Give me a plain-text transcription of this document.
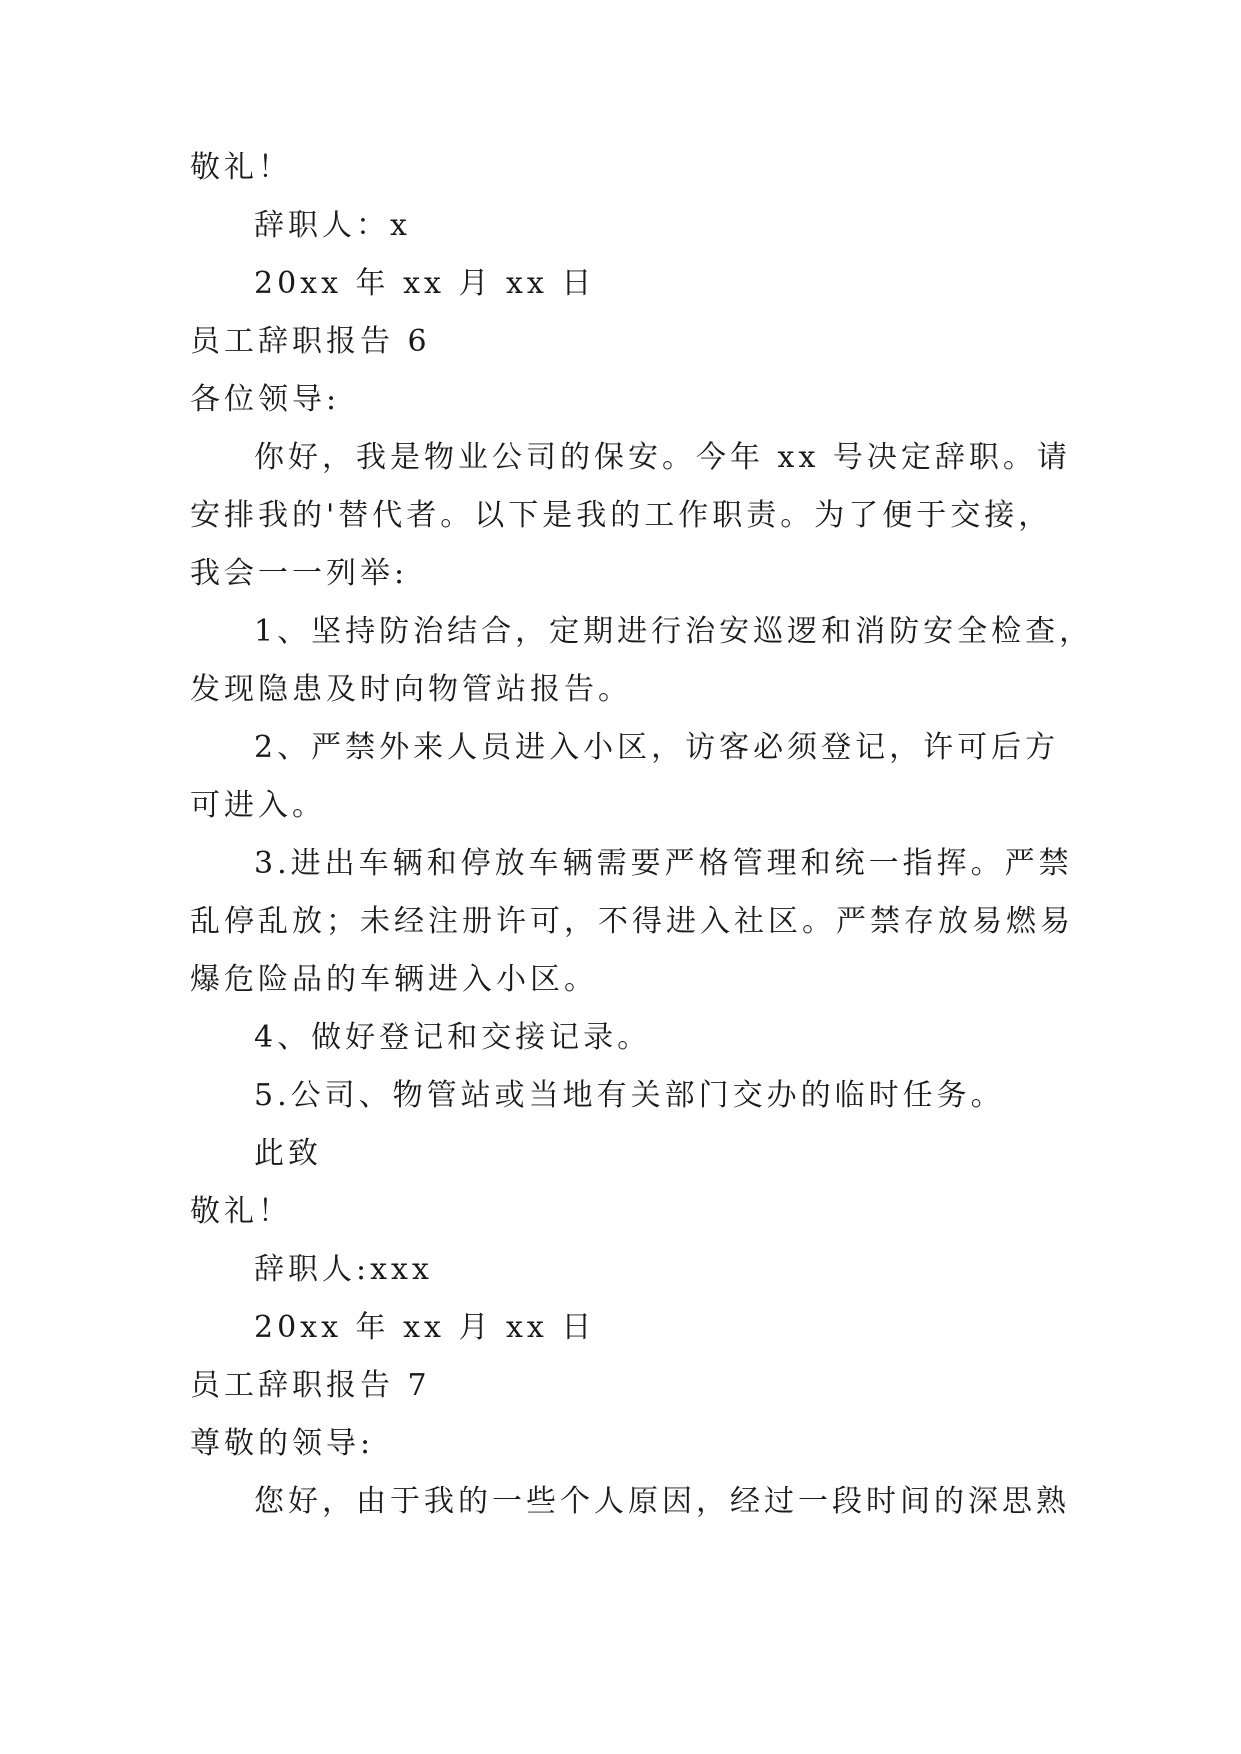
敬礼！
辞职人：x
20xx 年 xx 月 xx 日
员工辞职报告 6
各位领导:
你好，我是物业公司的保安。今年 xx 号决定辞职。请
安排我的'替代者。以下是我的工作职责。为了便于交接，
我会一一列举:
1、坚持防治结合，定期进行治安巡逻和消防安全检查，
发现隐患及时向物管站报告。
2、严禁外来人员进入小区，访客必须登记，许可后方
可进入。
3.进出车辆和停放车辆需要严格管理和统一指挥。严禁
乱停乱放；未经注册许可，不得进入社区。严禁存放易燃易
爆危险品的车辆进入小区。
4、做好登记和交接记录。
5.公司、物管站或当地有关部门交办的临时任务。
此致
敬礼！
辞职人:xxx
20xx 年 xx 月 xx 日
员工辞职报告 7
尊敬的领导:
您好，由于我的一些个人原因，经过一段时间的深思熟
